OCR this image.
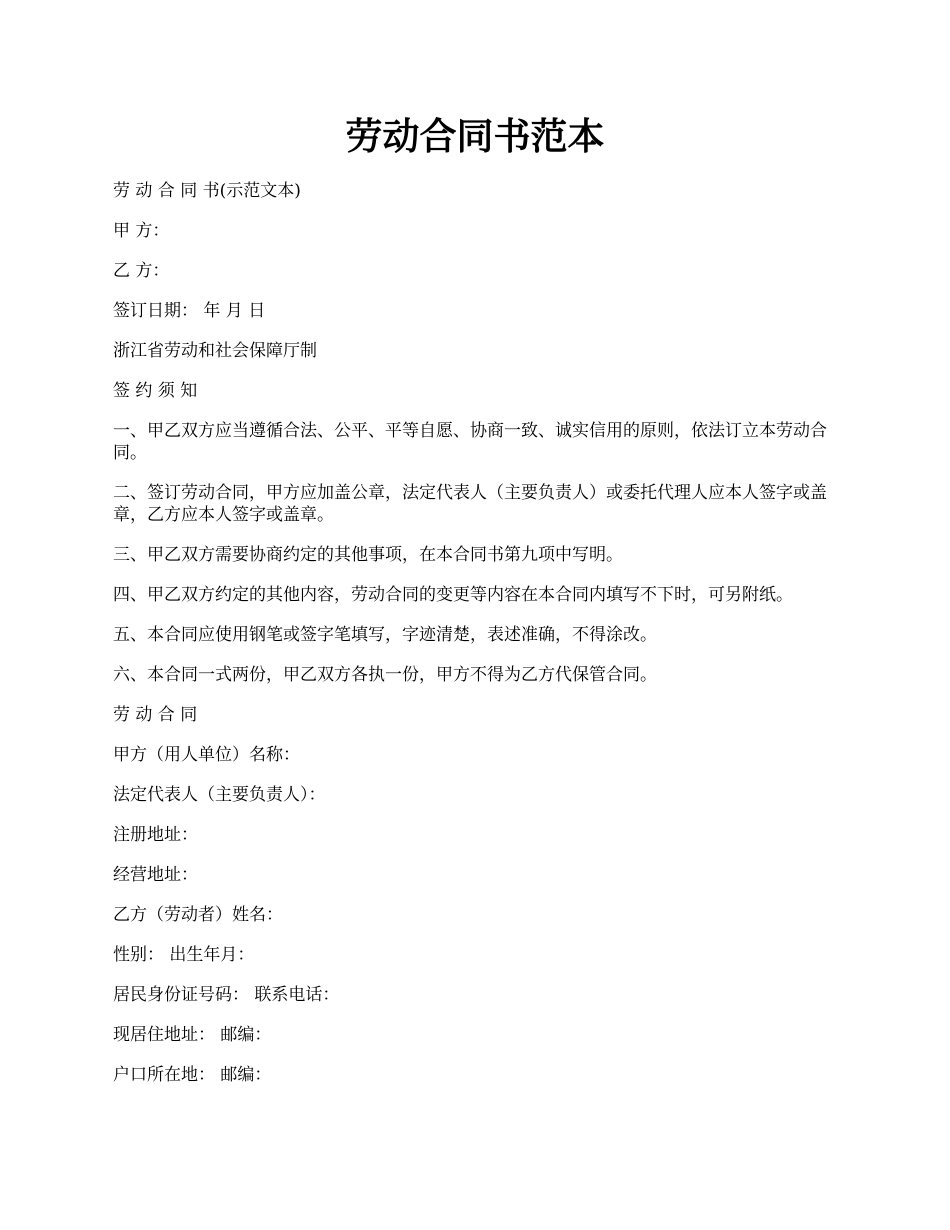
劳动合同书范本

劳 动 合 同 书(示范文本)

甲 方：

乙 方：

签订日期： 年 月 日

浙江省劳动和社会保障厅制

签 约 须 知

一、甲乙双方应当遵循合法、公平、平等自愿、协商一致、诚实信用的原则，依法订立本劳动合同。

二、签订劳动合同，甲方应加盖公章，法定代表人（主要负责人）或委托代理人应本人签字或盖章，乙方应本人签字或盖章。

三、甲乙双方需要协商约定的其他事项，在本合同书第九项中写明。

四、甲乙双方约定的其他内容，劳动合同的变更等内容在本合同内填写不下时，可另附纸。

五、本合同应使用钢笔或签字笔填写，字迹清楚，表述准确，不得涂改。

六、本合同一式两份，甲乙双方各执一份，甲方不得为乙方代保管合同。

劳 动 合 同

甲方（用人单位）名称：

法定代表人（主要负责人）：

注册地址：

经营地址：

乙方（劳动者）姓名：

性别： 出生年月：

居民身份证号码： 联系电话：

现居住地址： 邮编：

户口所在地： 邮编：
